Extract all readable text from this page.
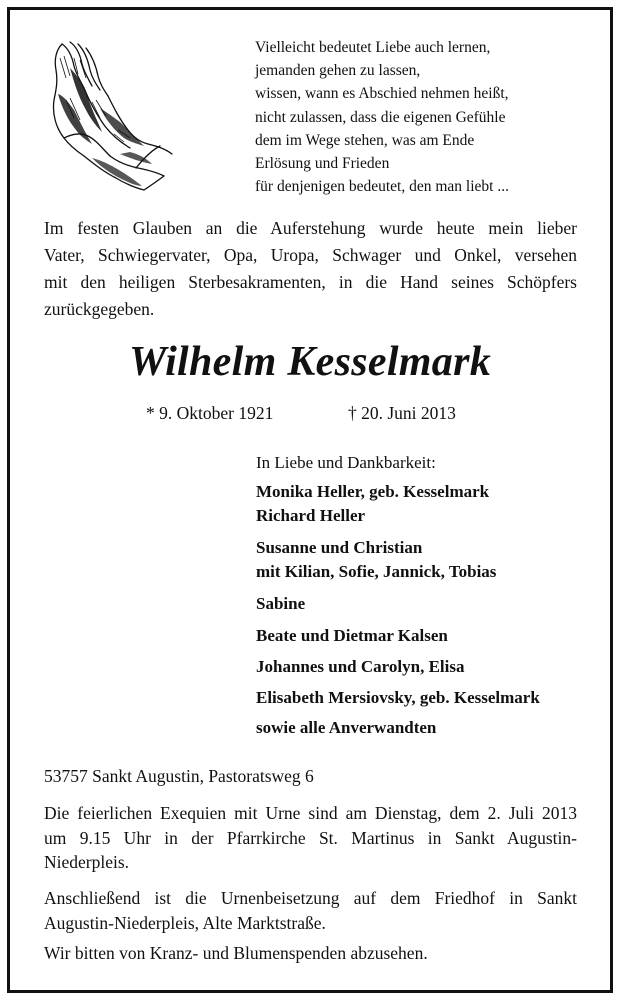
Vielleicht bedeutet Liebe auch lernen,
jemanden gehen zu lassen,
wissen, wann es Abschied nehmen heißt,
nicht zulassen, dass die eigenen Gefühle
dem im Wege stehen, was am Ende
Erlösung und Frieden
für denjenigen bedeutet, den man liebt ...
Im festen Glauben an die Auferstehung wurde heute mein lieber
Vater, Schwiegervater, Opa, Uropa, Schwager und Onkel, versehen
mit den heiligen Sterbesakramenten, in die Hand seines Schöpfers
zurückgegeben.
Wilhelm Kesselmark
* 9. Oktober 1921	† 20. Juni 2013
In Liebe und Dankbarkeit:
Monika Heller, geb. Kesselmark
Richard Heller
Susanne und Christian
mit Kilian, Sofie, Jannick, Tobias
Sabine
Beate und Dietmar Kalsen
Johannes und Carolyn, Elisa
Elisabeth Mersiovsky, geb. Kesselmark
sowie alle Anverwandten
53757 Sankt Augustin, Pastoratsweg 6
Die feierlichen Exequien mit Urne sind am Dienstag, dem 2. Juli 2013
um 9.15 Uhr in der Pfarrkirche St. Martinus in Sankt Augustin-
Niederpleis.
Anschließend ist die Urnenbeisetzung auf dem Friedhof in Sankt
Augustin-Niederpleis, Alte Marktstraße.
Wir bitten von Kranz- und Blumenspenden abzusehen.
